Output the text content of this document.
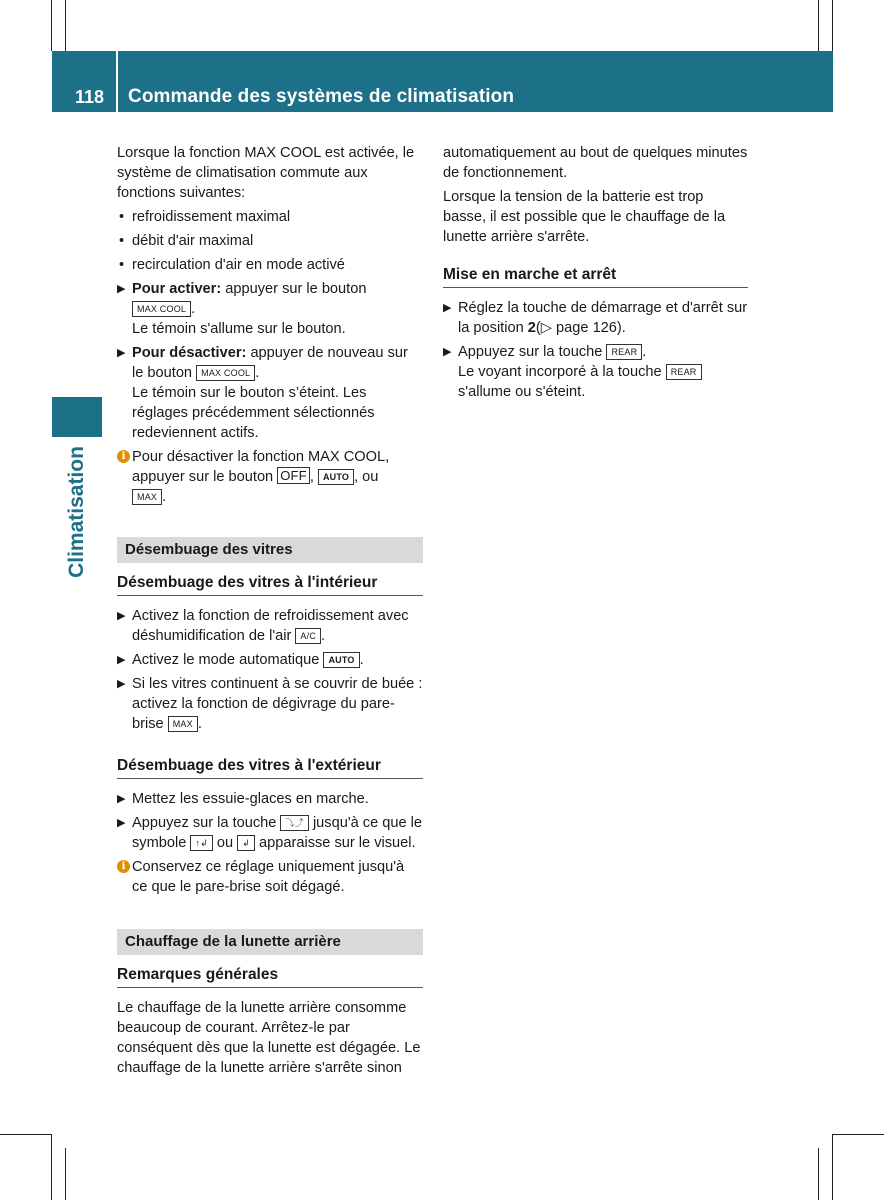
118 Commande des systèmes de climatisation
Climatisation

Lorsque la fonction MAX COOL est activée, le système de climatisation commute aux fonctions suivantes:

• refroidissement maximal
• débit d'air maximal
• recirculation d'air en mode activé
▶ Pour activer: appuyer sur le bouton MAX COOL .
Le témoin s'allume sur le bouton.
▶ Pour désactiver: appuyer de nouveau sur le bouton MAX COOL .
Le témoin sur le bouton s’éteint. Les réglages précédemment sélectionnés redeviennent actifs.
i Pour désactiver la fonction MAX COOL, appuyer sur le bouton OFF , AUTO , ou
MAX .
Désembuage des vitres
Désembuage des vitres à l'intérieur
▶ Activez la fonction de refroidissement avec déshumidification de l'air A/C .
▶ Activez le mode automatique AUTO .
▶ Si les vitres continuent à se couvrir de buée : activez la fonction de dégivrage du pare-brise MAX .
Désembuage des vitres à l'extérieur
▶ Mettez les essuie-glaces en marche.
▶ Appuyez sur la touche ⤵⤴ jusqu'à ce que le symbole ↑↲ ou ↲ apparaisse sur le visuel.
i Conservez ce réglage uniquement jusqu'à ce que le pare-brise soit dégagé.
Chauffage de la lunette arrière
Remarques générales

Le chauffage de la lunette arrière consomme beaucoup de courant. Arrêtez-le par conséquent dès que la lunette est dégagée. Le chauffage de la lunette arrière s'arrête sinon

automatiquement au bout de quelques minutes de fonctionnement.

Lorsque la tension de la batterie est trop basse, il est possible que le chauffage de la lunette arrière s'arrête.

Mise en marche et arrêt
▶ Réglez la touche de démarrage et d'arrêt sur la position 2(▷ page 126).
▶ Appuyez sur la touche REAR .
Le voyant incorporé à la touche REAR s'allume ou s'éteint.
